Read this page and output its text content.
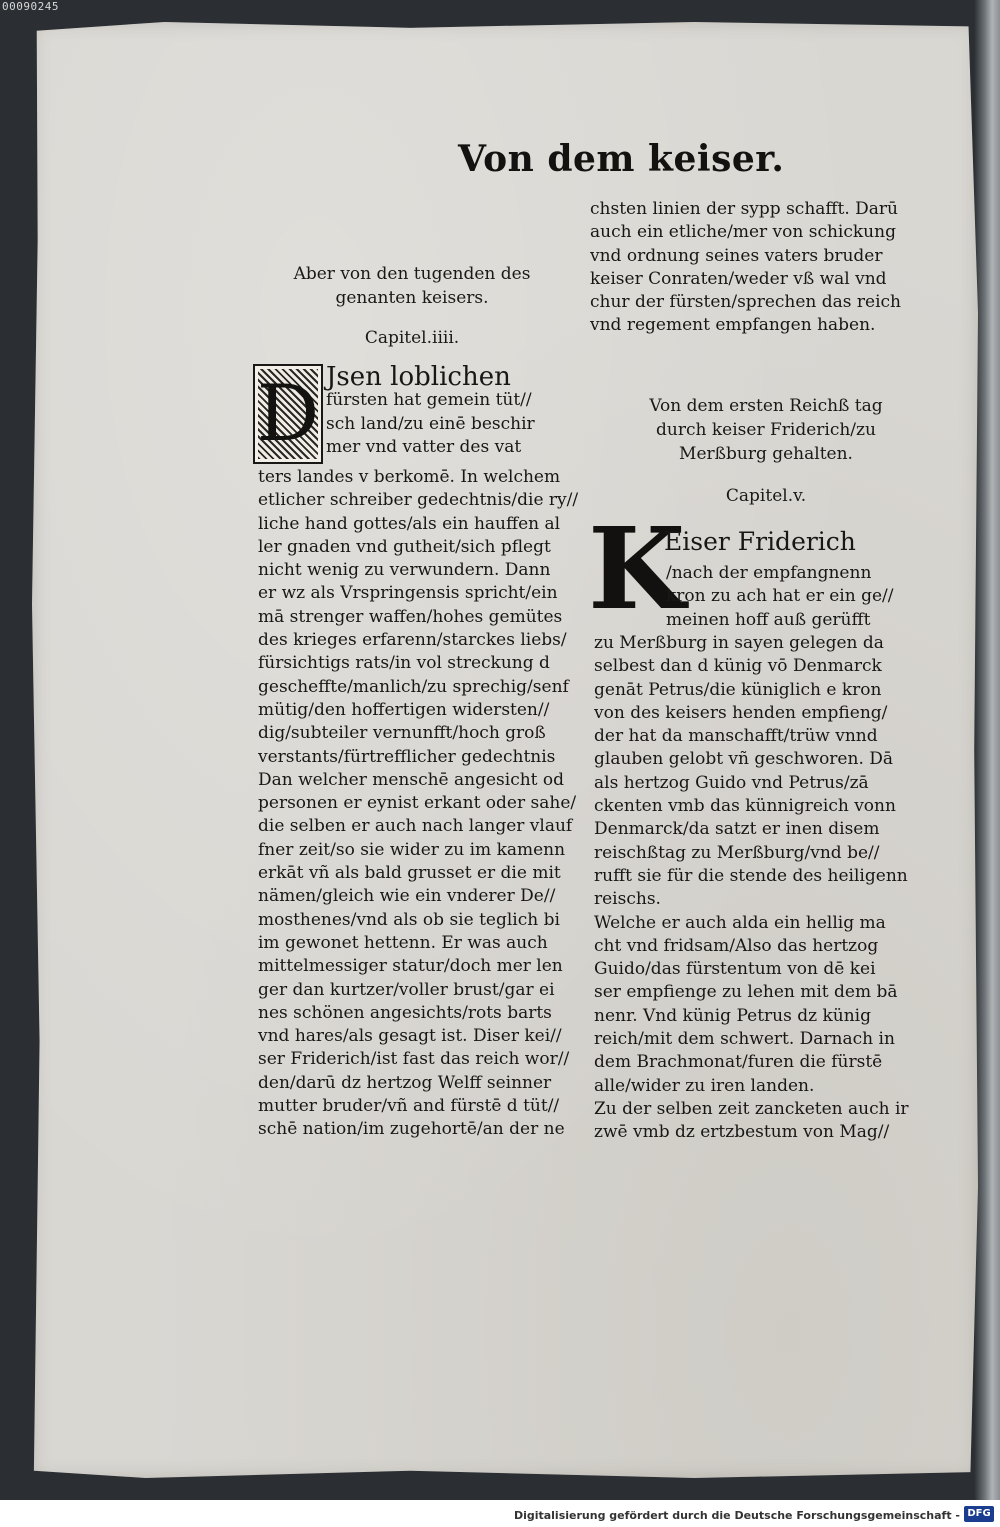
00090245
Von dem keiser.
Aber von den tugenden des
genanten keisers.
Capitel.iiii.
D Jsen loblichen
fürsten hat gemein tüt//
sch land/zu einē beschir
mer vnd vatter des vat
ters landes v berkomē. In welchem
etlicher schreiber gedechtnis/die ry//
liche hand gottes/als ein hauffen al
ler gnaden vnd gutheit/sich pflegt
nicht wenig zu verwundern. Dann
er wz als Vrspringensis spricht/ein
mā strenger waffen/hohes gemütes
des krieges erfarenn/starckes liebs/
fürsichtigs rats/in vol streckung d
gescheffte/manlich/zu sprechig/senf
mütig/den hoffertigen widersten//
dig/subteiler vernunfft/hoch groß
verstants/fürtrefflicher gedechtnis
Dan welcher menschē angesicht od
personen er eynist erkant oder sahe/
die selben er auch nach langer vlauf
fner zeit/so sie wider zu im kamenn
erkāt vñ als bald grusset er die mit
nämen/gleich wie ein vnderer De//
mosthenes/vnd als ob sie teglich bi
im gewonet hettenn. Er was auch
mittelmessiger statur/doch mer len
ger dan kurtzer/voller brust/gar ei
nes schönen angesichts/rots barts
vnd hares/als gesagt ist. Diser kei//
ser Friderich/ist fast das reich wor//
den/darū dz hertzog Welff seinner
mutter bruder/vñ and fürstē d tüt//
schē nation/im zugehortē/an der ne
chsten linien der sypp schafft. Darū
auch ein etliche/mer von schickung
vnd ordnung seines vaters bruder
keiser Conraten/weder vß wal vnd
chur der fürsten/sprechen das reich
vnd regement empfangen haben.
Von dem ersten Reichß tag
durch keiser Friderich/zu
Merßburg gehalten.
Capitel.v.
K
Eiser Friderich
/nach der empfangnenn
kron zu ach hat er ein ge//
meinen hoff auß gerüfft
zu Merßburg in sayen gelegen da
selbest dan d künig vō Denmarck
genāt Petrus/die küniglich e kron
von des keisers henden empfieng/
der hat da manschafft/trüw vnnd
glauben gelobt vñ geschworen. Dā
als hertzog Guido vnd Petrus/zā
ckenten vmb das künnigreich vonn
Denmarck/da satzt er inen disem
reischßtag zu Merßburg/vnd be//
rufft sie für die stende des heiligenn
reischs.
Welche er auch alda ein hellig ma
cht vnd fridsam/Also das hertzog
Guido/das fürstentum von dē kei
ser empfienge zu lehen mit dem bā
nenr. Vnd künig Petrus dz künig
reich/mit dem schwert. Darnach in
dem Brachmonat/furen die fürstē
alle/wider zu iren landen.
Zu der selben zeit zancketen auch ir
zwē vmb dz ertzbestum von Mag//
Digitalisierung gefördert durch die Deutsche Forschungsgemeinschaft - DFG
